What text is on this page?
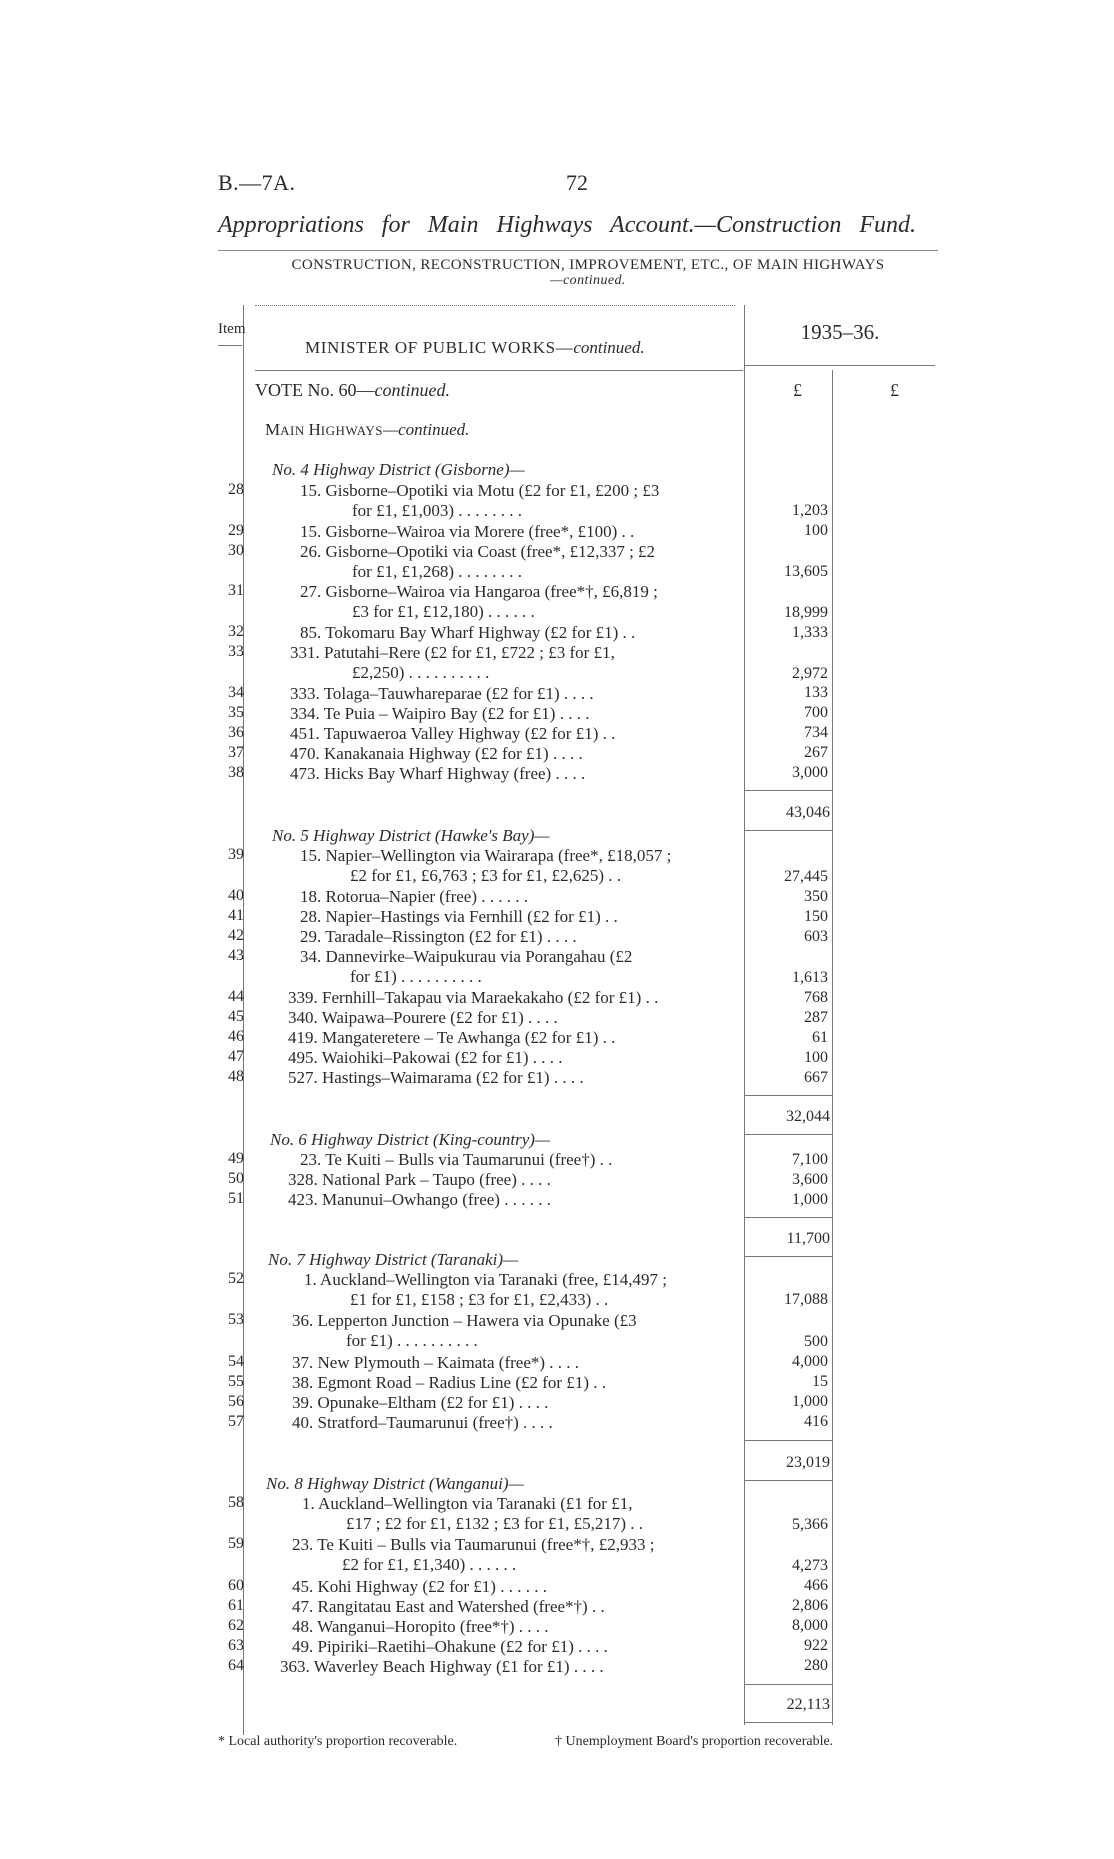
B.—7A.	72
Appropriations for Main Highways Account.—Construction Fund.
CONSTRUCTION, RECONSTRUCTION, IMPROVEMENT, ETC., OF MAIN HIGHWAYS
—continued.
Item
MINISTER OF PUBLIC WORKS—continued.
1935–36.
VOTE No. 60—continued.	£	£
MAIN HIGHWAYS—continued.
No. 4 Highway District (Gisborne)—
28	15. Gisborne–Opotiki via Motu (£2 for £1, £200 ; £3
for £1, £1,003) . . . . . . . .	1,203
29	15. Gisborne–Wairoa via Morere (free*, £100) . .	100
30	26. Gisborne–Opotiki via Coast (free*, £12,337 ; £2
for £1, £1,268) . . . . . . . .	13,605
31	27. Gisborne–Wairoa via Hangaroa (free*†, £6,819 ;
£3 for £1, £12,180) . . . . . .	18,999
32	85. Tokomaru Bay Wharf Highway (£2 for £1) . .	1,333
33	331. Patutahi–Rere (£2 for £1, £722 ; £3 for £1,
£2,250) . . . . . . . . . .	2,972
34	333. Tolaga–Tauwhareparae (£2 for £1) . . . .	133
35	334. Te Puia – Waipiro Bay (£2 for £1) . . . .	700
36	451. Tapuwaeroa Valley Highway (£2 for £1) . .	734
37	470. Kanakanaia Highway (£2 for £1) . . . .	267
38	473. Hicks Bay Wharf Highway (free) . . . .	3,000
43,046
No. 5 Highway District (Hawke's Bay)—
39	15. Napier–Wellington via Wairarapa (free*, £18,057 ;
£2 for £1, £6,763 ; £3 for £1, £2,625) . .	27,445
40	18. Rotorua–Napier (free) . . . . . .	350
41	28. Napier–Hastings via Fernhill (£2 for £1) . .	150
42	29. Taradale–Rissington (£2 for £1) . . . .	603
43	34. Dannevirke–Waipukurau via Porangahau (£2
for £1) . . . . . . . . . .	1,613
44	339. Fernhill–Takapau via Maraekakaho (£2 for £1) . .	768
45	340. Waipawa–Pourere (£2 for £1) . . . .	287
46	419. Mangateretere – Te Awhanga (£2 for £1) . .	61
47	495. Waiohiki–Pakowai (£2 for £1) . . . .	100
48	527. Hastings–Waimarama (£2 for £1) . . . .	667
32,044
No. 6 Highway District (King-country)—
49	23. Te Kuiti – Bulls via Taumarunui (free†) . .	7,100
50	328. National Park – Taupo (free) . . . .	3,600
51	423. Manunui–Owhango (free) . . . . . .	1,000
11,700
No. 7 Highway District (Taranaki)—
52	1. Auckland–Wellington via Taranaki (free, £14,497 ;
£1 for £1, £158 ; £3 for £1, £2,433) . .	17,088
53	36. Lepperton Junction – Hawera via Opunake (£3
for £1) . . . . . . . . . .	500
54	37. New Plymouth – Kaimata (free*) . . . .	4,000
55	38. Egmont Road – Radius Line (£2 for £1) . .	15
56	39. Opunake–Eltham (£2 for £1) . . . .	1,000
57	40. Stratford–Taumarunui (free†) . . . .	416
23,019
No. 8 Highway District (Wanganui)—
58	1. Auckland–Wellington via Taranaki (£1 for £1,
£17 ; £2 for £1, £132 ; £3 for £1, £5,217) . .	5,366
59	23. Te Kuiti – Bulls via Taumarunui (free*†, £2,933 ;
£2 for £1, £1,340) . . . . . .	4,273
60	45. Kohi Highway (£2 for £1) . . . . . .	466
61	47. Rangitatau East and Watershed (free*†) . .	2,806
62	48. Wanganui–Horopito (free*†) . . . .	8,000
63	49. Pipiriki–Raetihi–Ohakune (£2 for £1) . . . .	922
64 363. Waverley Beach Highway (£1 for £1) . . . .	280
22,113
* Local authority's proportion recoverable.	† Unemployment Board's proportion recoverable.
